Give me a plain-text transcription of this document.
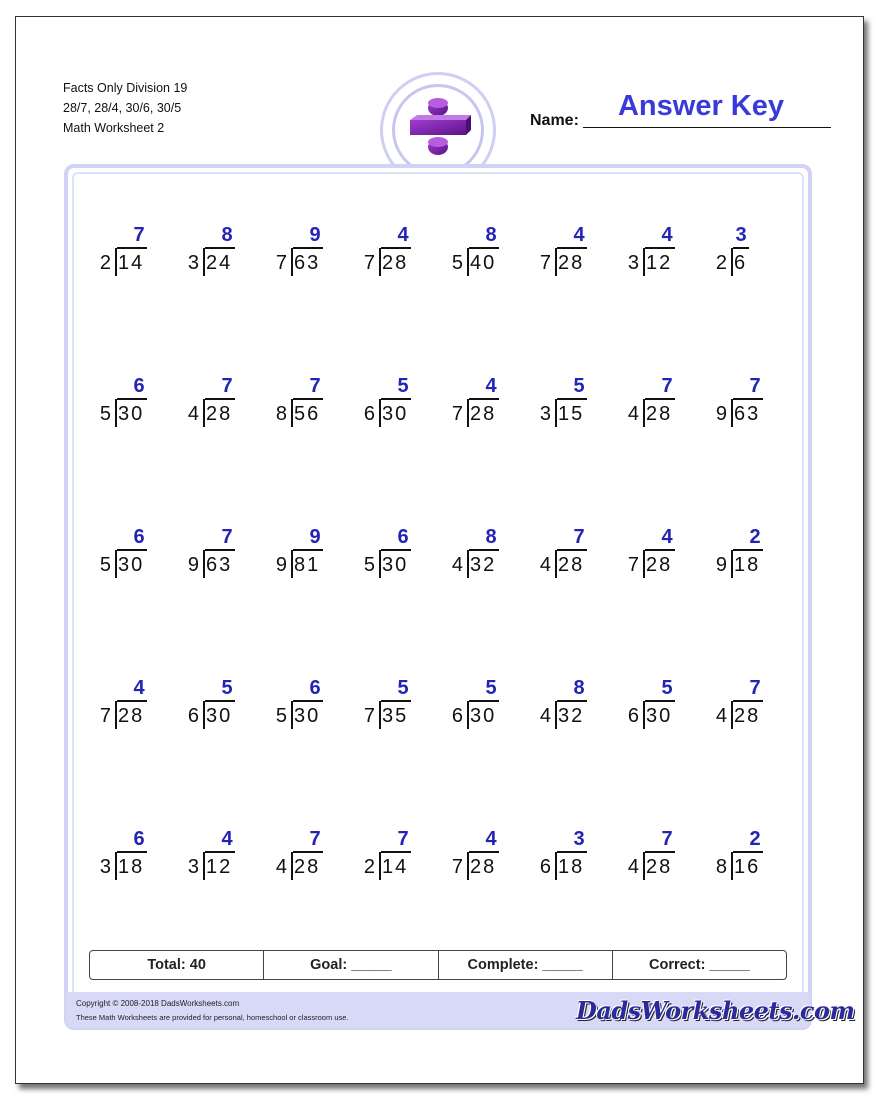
Facts Only Division 19
28/7, 28/4, 30/6, 30/5
Math Worksheet 2	Name:	Answer Key
7
2 14
8
3 24
9
7 63
4
7 28
8
5 40
4
7 28
4
3 12
3
2 6
6
5 30
7
4 28
7
8 56
5
6 30
4
7 28
5
3 15
7
4 28
7
9 63
6
5 30
7
9 63
9
9 81
6
5 30
8
4 32
7
4 28
4
7 28
2
9 18
4
7 28
5
6 30
6
5 30
5
7 35
5
6 30
8
4 32
5
6 30
7
4 28
6
3 18
4
3 12
7
4 28
7
2 14
4
7 28
3
6 18
7
4 28
2
8 16
Total: 40	Goal: _____	Complete: _____	Correct: _____
Copyright © 2008-2018 DadsWorksheets.com
These Math Worksheets are provided for personal, homeschool or classroom use.	DadsWorksheets.com
